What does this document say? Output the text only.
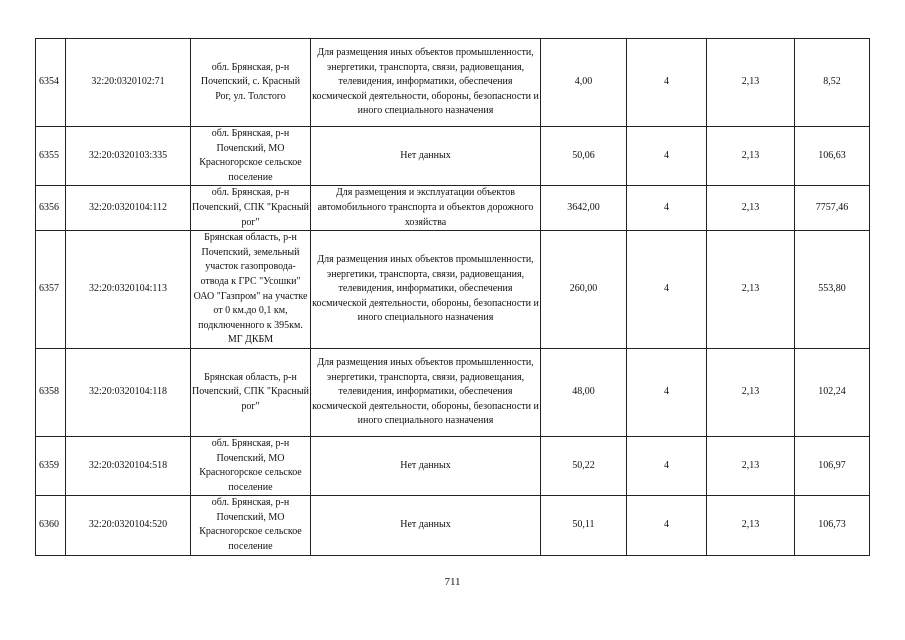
6354	32:20:0320102:71	обл. Брянская, р-н Почепский, с. Красный Рог, ул. Толстого	Для размещения иных объектов промышленности, энергетики, транспорта, связи, радиовещания, телевидения, информатики, обеспечения космической деятельности, обороны, безопасности и иного специального назначения	4,00	4	2,13	8,52
6355	32:20:0320103:335	обл. Брянская, р-н Почепский, МО Красногорское сельское поселение	Нет данных	50,06	4	2,13	106,63
6356	32:20:0320104:112	обл. Брянская, р-н Почепский, СПК "Красный рог"	Для размещения и эксплуатации объектов автомобильного транспорта и объектов дорожного хозяйства	3642,00	4	2,13	7757,46
6357	32:20:0320104:113	Брянская область, р-н Почепский, земельный участок газопровода-отвода к ГРС "Усошки" ОАО "Газпром" на участке от 0 км.до 0,1 км, подключенного к 395км. МГ ДКБМ	Для размещения иных объектов промышленности, энергетики, транспорта, связи, радиовещания, телевидения, информатики, обеспечения космической деятельности, обороны, безопасности и иного специального назначения	260,00	4	2,13	553,80
6358	32:20:0320104:118	Брянская область, р-н Почепский, СПК "Красный рог"	Для размещения иных объектов промышленности, энергетики, транспорта, связи, радиовещания, телевидения, информатики, обеспечения космической деятельности, обороны, безопасности и иного специального назначения	48,00	4	2,13	102,24
6359	32:20:0320104:518	обл. Брянская, р-н Почепский, МО Красногорское сельское поселение	Нет данных	50,22	4	2,13	106,97
6360	32:20:0320104:520	обл. Брянская, р-н Почепский, МО Красногорское сельское поселение	Нет данных	50,11	4	2,13	106,73
711
